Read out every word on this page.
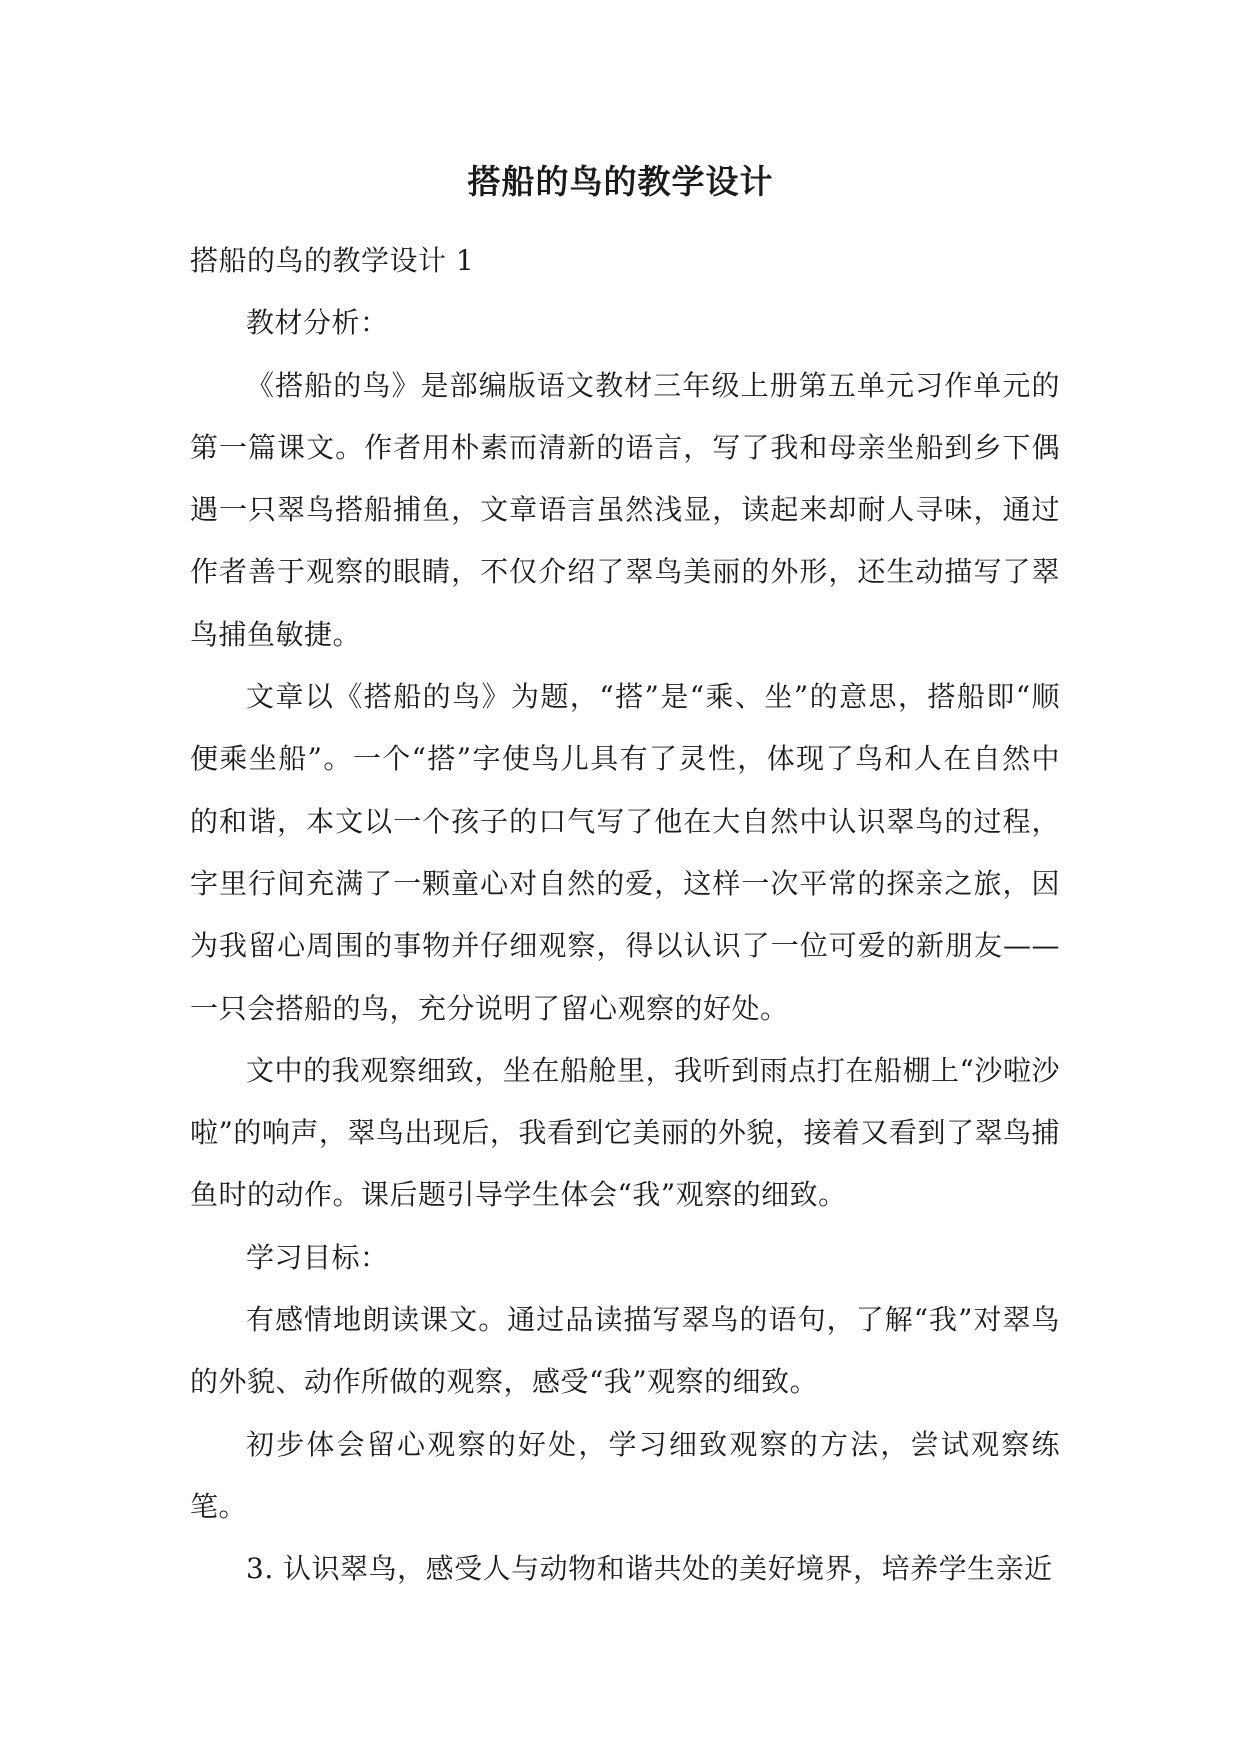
搭船的鸟的教学设计

搭船的鸟的教学设计 1

教材分析：

《搭船的鸟》是部编版语文教材三年级上册第五单元习作单元的第一篇课文。作者用朴素而清新的语言，写了我和母亲坐船到乡下偶遇一只翠鸟搭船捕鱼，文章语言虽然浅显，读起来却耐人寻味，通过作者善于观察的眼睛，不仅介绍了翠鸟美丽的外形，还生动描写了翠鸟捕鱼敏捷。

文章以《搭船的鸟》为题，“搭”是“乘、坐”的意思，搭船即“顺便乘坐船”。一个“搭”字使鸟儿具有了灵性，体现了鸟和人在自然中的和谐，本文以一个孩子的口气写了他在大自然中认识翠鸟的过程，字里行间充满了一颗童心对自然的爱，这样一次平常的探亲之旅，因为我留心周围的事物并仔细观察，得以认识了一位可爱的新朋友——一只会搭船的鸟，充分说明了留心观察的好处。

文中的我观察细致，坐在船舱里，我听到雨点打在船棚上“沙啦沙啦”的响声，翠鸟出现后，我看到它美丽的外貌，接着又看到了翠鸟捕鱼时的动作。课后题引导学生体会“我”观察的细致。

学习目标：

有感情地朗读课文。通过品读描写翠鸟的语句，了解“我”对翠鸟的外貌、动作所做的观察，感受“我”观察的细致。

初步体会留心观察的好处，学习细致观察的方法，尝试观察练笔。

3. 认识翠鸟，感受人与动物和谐共处的美好境界，培养学生亲近
